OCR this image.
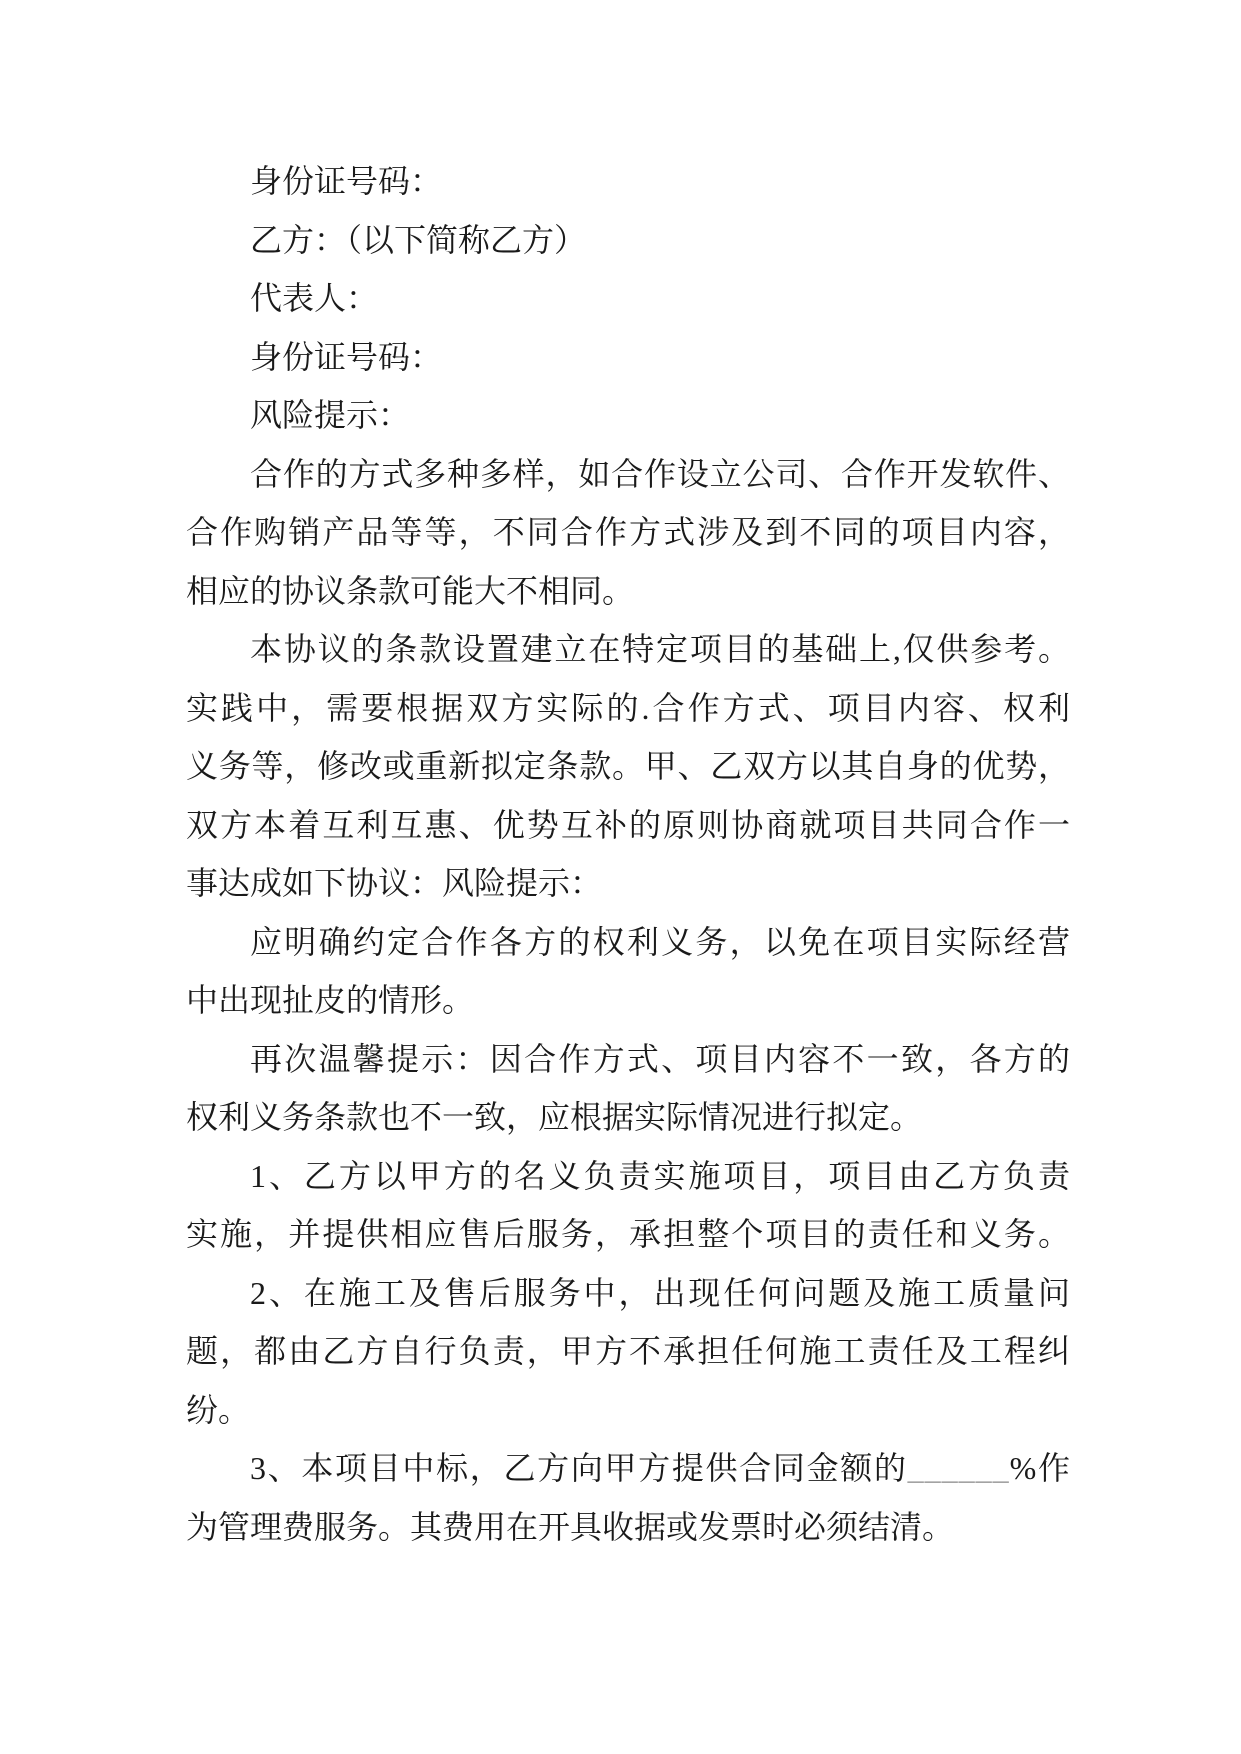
身份证号码：
乙方：（以下简称乙方）
代表人：
身份证号码：
风险提示：
合作的方式多种多样，如合作设立公司、合作开发软件、
合作购销产品等等，不同合作方式涉及到不同的项目内容，
相应的协议条款可能大不相同。
本协议的条款设置建立在特定项目的基础上,仅供参考。
实践中，需要根据双方实际的.合作方式、项目内容、权利
义务等，修改或重新拟定条款。甲、乙双方以其自身的优势，
双方本着互利互惠、优势互补的原则协商就项目共同合作一
事达成如下协议：风险提示：
应明确约定合作各方的权利义务，以免在项目实际经营
中出现扯皮的情形。
再次温馨提示：因合作方式、项目内容不一致，各方的
权利义务条款也不一致，应根据实际情况进行拟定。
1、乙方以甲方的名义负责实施项目，项目由乙方负责
实施，并提供相应售后服务，承担整个项目的责任和义务。
2、在施工及售后服务中，出现任何问题及施工质量问
题，都由乙方自行负责，甲方不承担任何施工责任及工程纠
纷。
3、本项目中标，乙方向甲方提供合同金额的______%作
为管理费服务。其费用在开具收据或发票时必须结清。
